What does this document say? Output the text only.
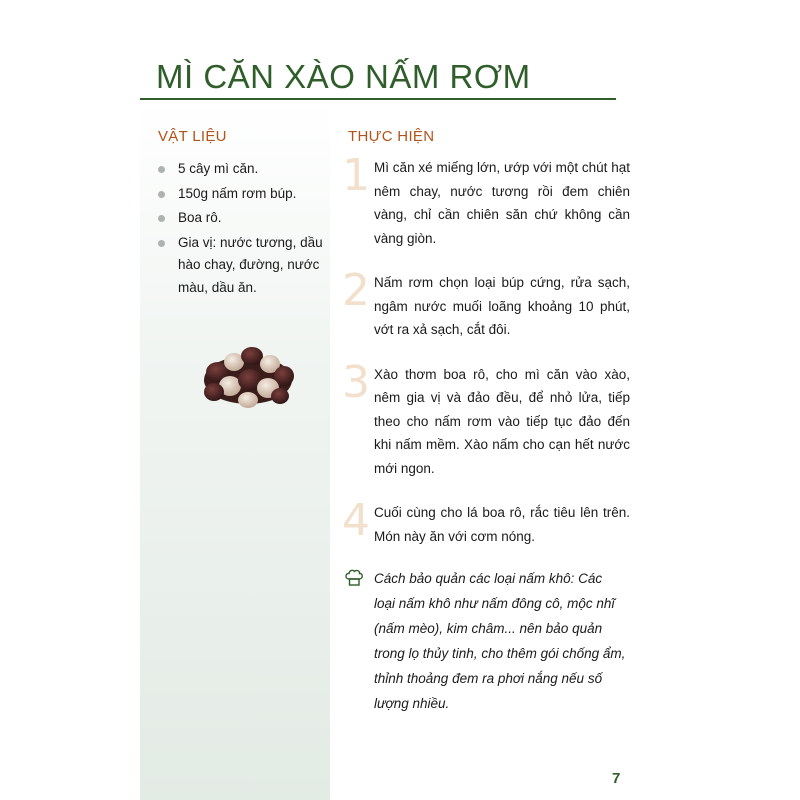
MÌ CĂN XÀO NẤM RƠM
VẬT LIỆU
5 cây mì căn.
150g nấm rơm búp.
Boa rô.
Gia vị: nước tương, dầu hào chay, đường, nước màu, dầu ăn.
THỰC HIỆN
1 Mì căn xé miếng lớn, ướp với một chút hạt nêm chay, nước tương rồi đem chiên vàng, chỉ cần chiên săn chứ không cần vàng giòn.

2 Nấm rơm chọn loại búp cứng, rửa sạch, ngâm nước muối loãng khoảng 10 phút, vớt ra xả sạch, cắt đôi.

3 Xào thơm boa rô, cho mì căn vào xào, nêm gia vị và đảo đều, để nhỏ lửa, tiếp theo cho nấm rơm vào tiếp tục đảo đến khi nấm mềm. Xào nấm cho cạn hết nước mới ngon.

4 Cuối cùng cho lá boa rô, rắc tiêu lên trên. Món này ăn với cơm nóng.

Cách bảo quản các loại nấm khô: Các loại nấm khô như nấm đông cô, mộc nhĩ (nấm mèo), kim châm... nên bảo quản trong lọ thủy tinh, cho thêm gói chống ẩm, thỉnh thoảng đem ra phơi nắng nếu số lượng nhiều.

7
